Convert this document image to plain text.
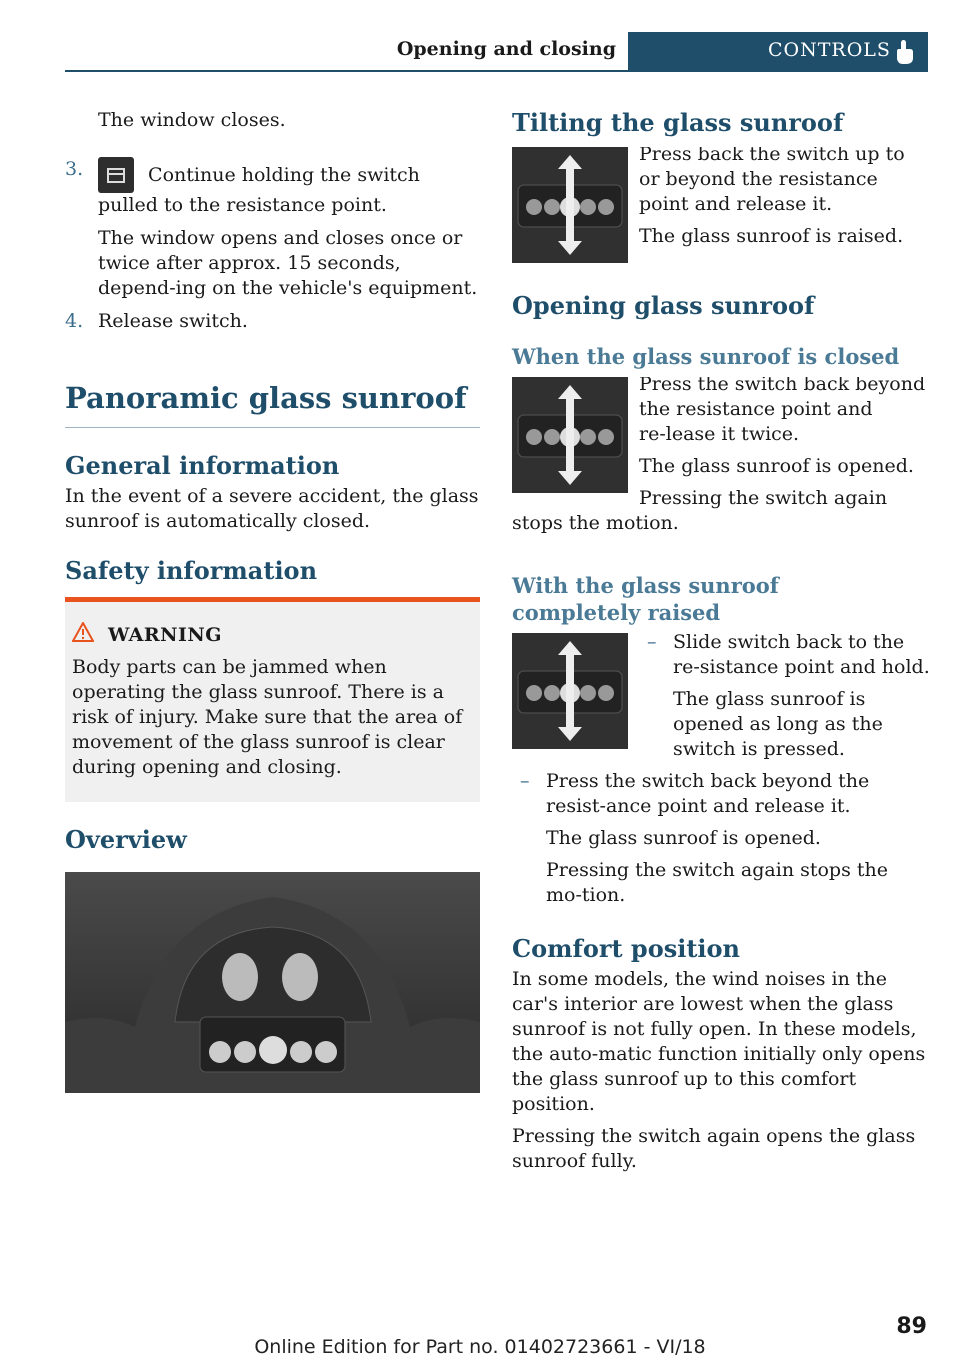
Opening and closing	CONTROLS

The window closes.

3.	Continue holding the switch pulled to the resistance point.

The window opens and closes once or twice after approx. 15 seconds, depend‑ing on the vehicle's equipment.

4. Release switch.
Panoramic glass sunroof
General information

In the event of a severe accident, the glass sunroof is automatically closed.

Safety information
WARNING

Body parts can be jammed when operating the glass sunroof. There is a risk of injury. Make sure that the area of movement of the glass sunroof is clear during opening and closing.

Overview
Tilting the glass sunroof

Press back the switch up to or beyond the resistance point and release it.

The glass sunroof is raised.

Opening glass sunroof
When the glass sunroof is closed

Press the switch back beyond the resistance point and re‑lease it twice.

The glass sunroof is opened.

Pressing the switch again stops the motion.

With the glass sunroof completely raised
– Slide switch back to the re‑sistance point and hold.

The glass sunroof is opened as long as the switch is pressed.

– Press the switch back beyond the resist‑ance point and release it.

The glass sunroof is opened.

Pressing the switch again stops the mo‑tion.

Comfort position

In some models, the wind noises in the car's interior are lowest when the glass sunroof is not fully open. In these models, the auto‑matic function initially only opens the glass sunroof up to this comfort position.

Pressing the switch again opens the glass sunroof fully.

89
Online Edition for Part no. 01402723661 - VI/18
